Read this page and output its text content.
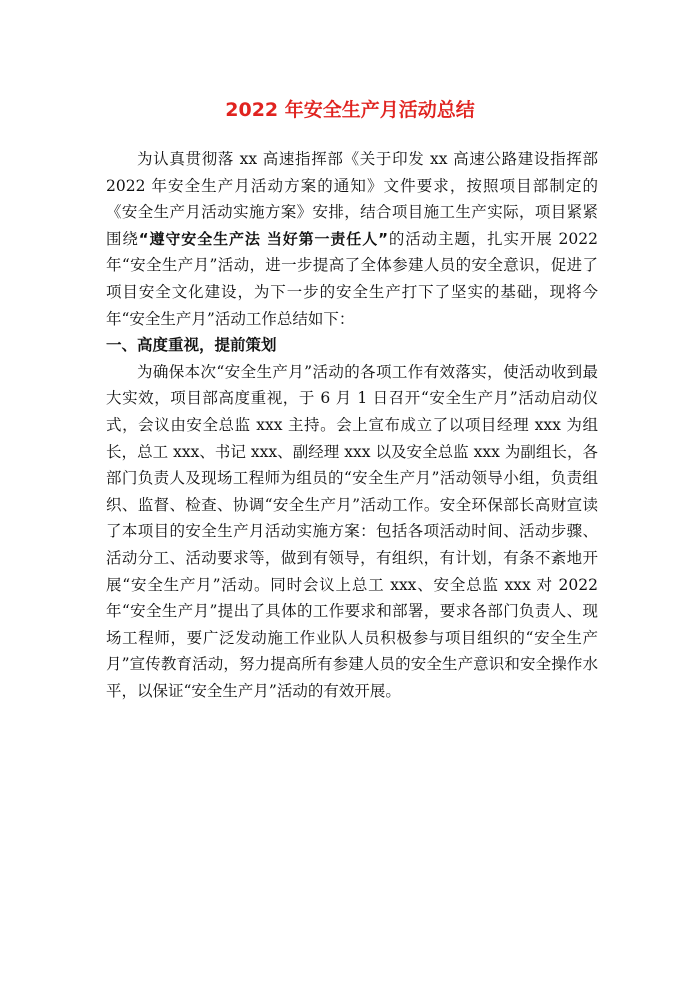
2022 年安全生产月活动总结

为认真贯彻落 xx 高速指挥部《关于印发 xx 高速公路建设指挥部 2022 年安全生产月活动方案的通知》文件要求，按照项目部制定的《安全生产月活动实施方案》安排，结合项目施工生产实际，项目紧紧围绕“遵守安全生产法 当好第一责任人”的活动主题，扎实开展 2022 年“安全生产月”活动，进一步提高了全体参建人员的安全意识，促进了项目安全文化建设，为下一步的安全生产打下了坚实的基础，现将今年“安全生产月”活动工作总结如下：

一、高度重视，提前策划

为确保本次“安全生产月”活动的各项工作有效落实，使活动收到最大实效，项目部高度重视，于 6 月 1 日召开“安全生产月”活动启动仪式，会议由安全总监 xxx 主持。会上宣布成立了以项目经理 xxx 为组长，总工 xxx、书记 xxx、副经理 xxx 以及安全总监 xxx 为副组长，各部门负责人及现场工程师为组员的“安全生产月”活动领导小组，负责组织、监督、检查、协调“安全生产月”活动工作。安全环保部长高财宣读了本项目的安全生产月活动实施方案：包括各项活动时间、活动步骤、活动分工、活动要求等，做到有领导，有组织，有计划，有条不紊地开展“安全生产月”活动。同时会议上总工 xxx、安全总监 xxx 对 2022 年“安全生产月”提出了具体的工作要求和部署，要求各部门负责人、现场工程师，要广泛发动施工作业队人员积极参与项目组织的“安全生产月”宣传教育活动，努力提高所有参建人员的安全生产意识和安全操作水平，以保证“安全生产月”活动的有效开展。
